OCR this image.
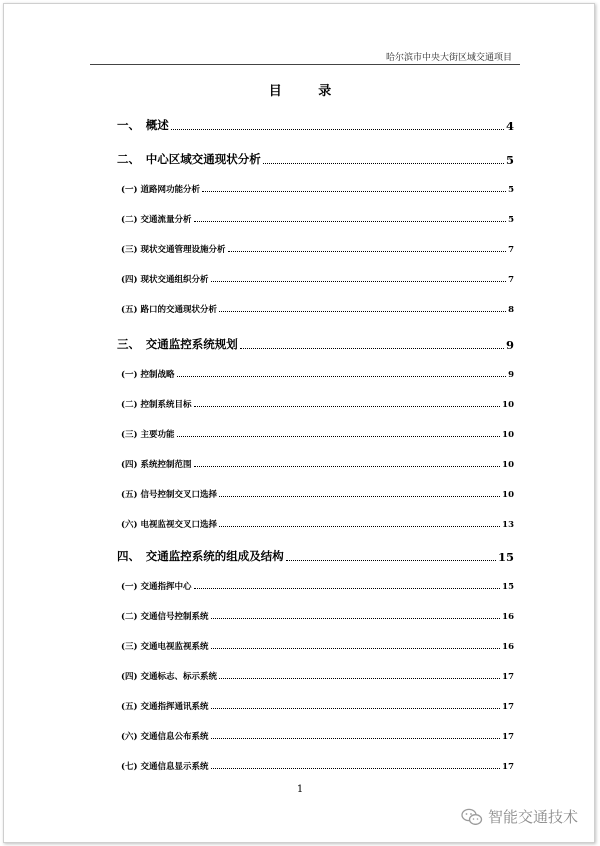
哈尔滨市中央大街区域交通项目
目 录
一、　概述	4
二、　中心区域交通现状分析	5
(一) 道路网功能分析	5
(二) 交通流量分析	5
(三) 现状交通管理设施分析	7
(四) 现状交通组织分析	7
(五) 路口的交通现状分析	8
三、　交通监控系统规划	9
(一) 控制战略	9
(二) 控制系统目标	10
(三) 主要功能	10
(四) 系统控制范围	10
(五) 信号控制交叉口选择	10
(六) 电视监视交叉口选择	13
四、　交通监控系统的组成及结构	15
(一) 交通指挥中心	15
(二) 交通信号控制系统	16
(三) 交通电视监视系统	16
(四) 交通标志、标示系统	17
(五) 交通指挥通讯系统	17
(六) 交通信息公布系统	17
(七) 交通信息显示系统	17
1
智能交通技术
